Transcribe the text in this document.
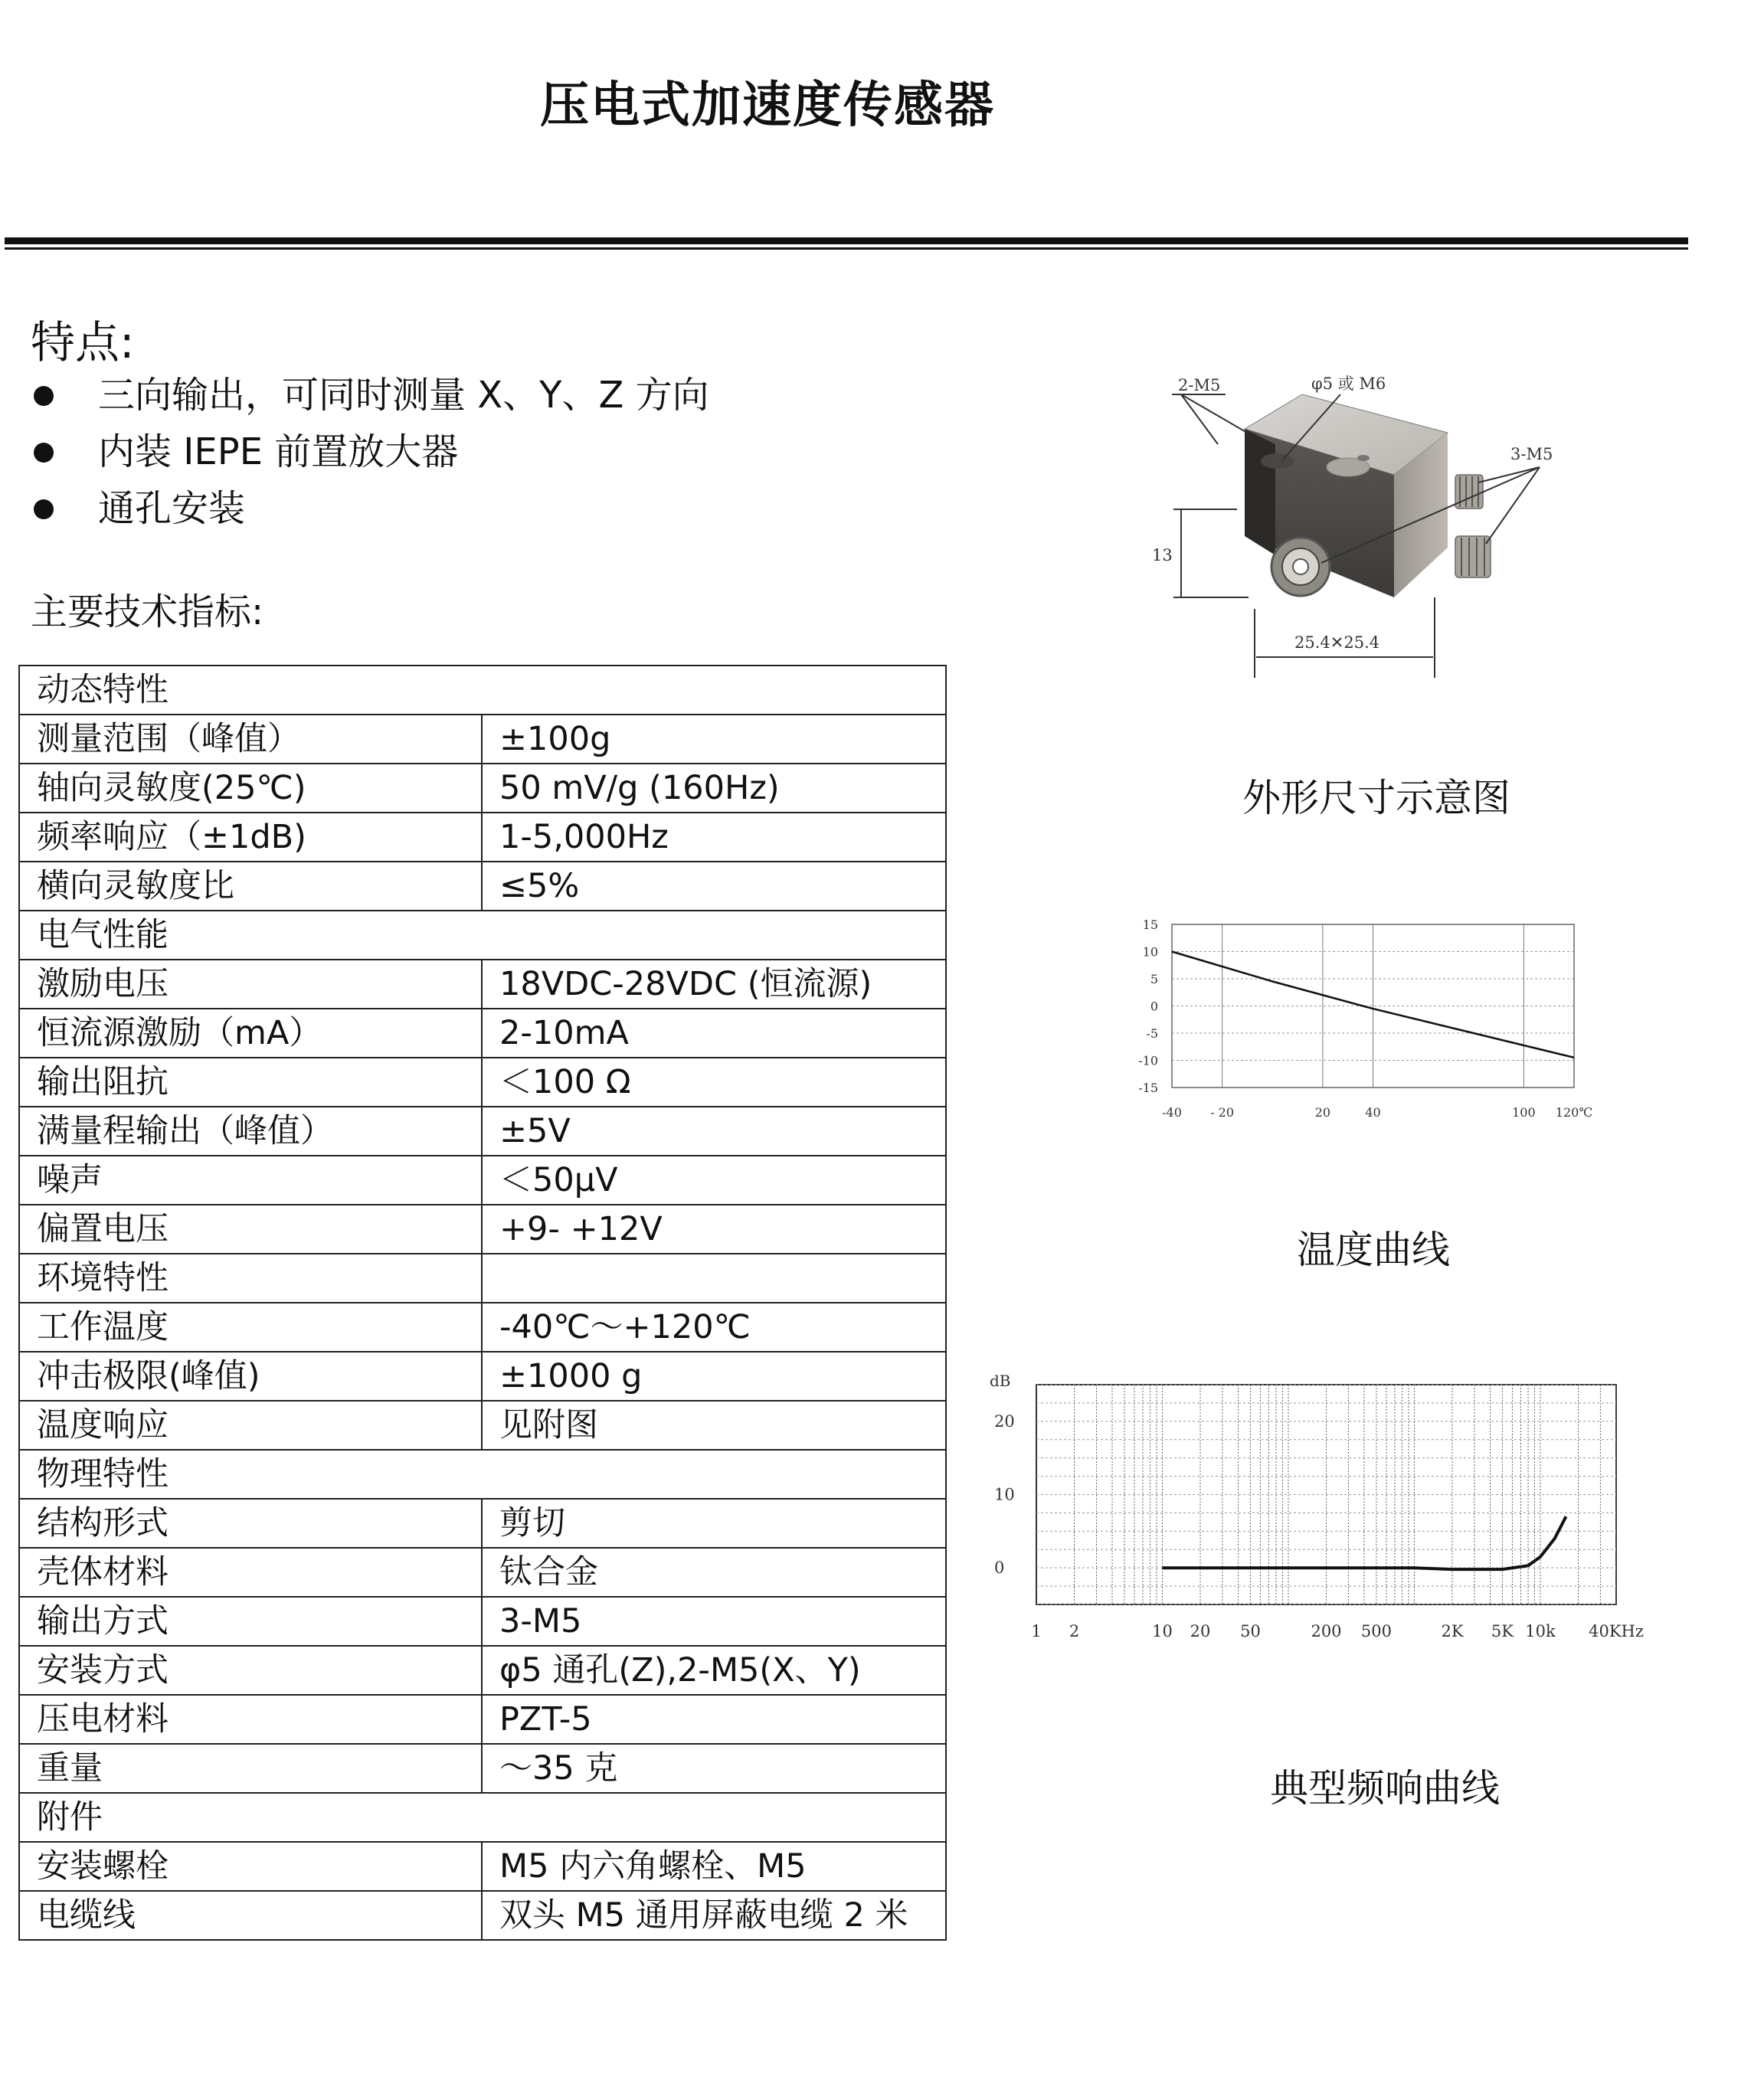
压电式加速度传感器
特点:
三向输出，可同时测量 X、Y、Z 方向
内装 IEPE 前置放大器
通孔安装
主要技术指标:
动态特性	
测量范围（峰值）	±100g
轴向灵敏度(25℃)	50 mV/g (160Hz)
频率响应（±1dB)	1-5,000Hz
横向灵敏度比	≤5%
电气性能	
激励电压	18VDC-28VDC (恒流源)
恒流源激励（mA）	2-10mA
输出阻抗	＜100 Ω
满量程输出（峰值）	±5V
噪声	＜50μV
偏置电压	+9- +12V
环境特性	
工作温度	-40℃～+120℃
冲击极限(峰值)	±1000 g
温度响应	见附图
物理特性	
结构形式	剪切
壳体材料	钛合金
输出方式	3-M5
安装方式	φ5 通孔(Z),2-M5(X、Y)
压电材料	PZT-5
重量	～35 克
附件	
安装螺栓	M5 内六角螺栓、M5
电缆线	双头 M5 通用屏蔽电缆 2 米
2-M5	φ5 或 M6
3-M5
13
25.4✕25.4
外形尺寸示意图
15
10
5
0
-5
-10
-15
-40 - 20	20	40	100 120℃
温度曲线
dB
20
10
0
1 2	10 20 50	200 500	2K 5K 10k 40KHz
典型频响曲线
